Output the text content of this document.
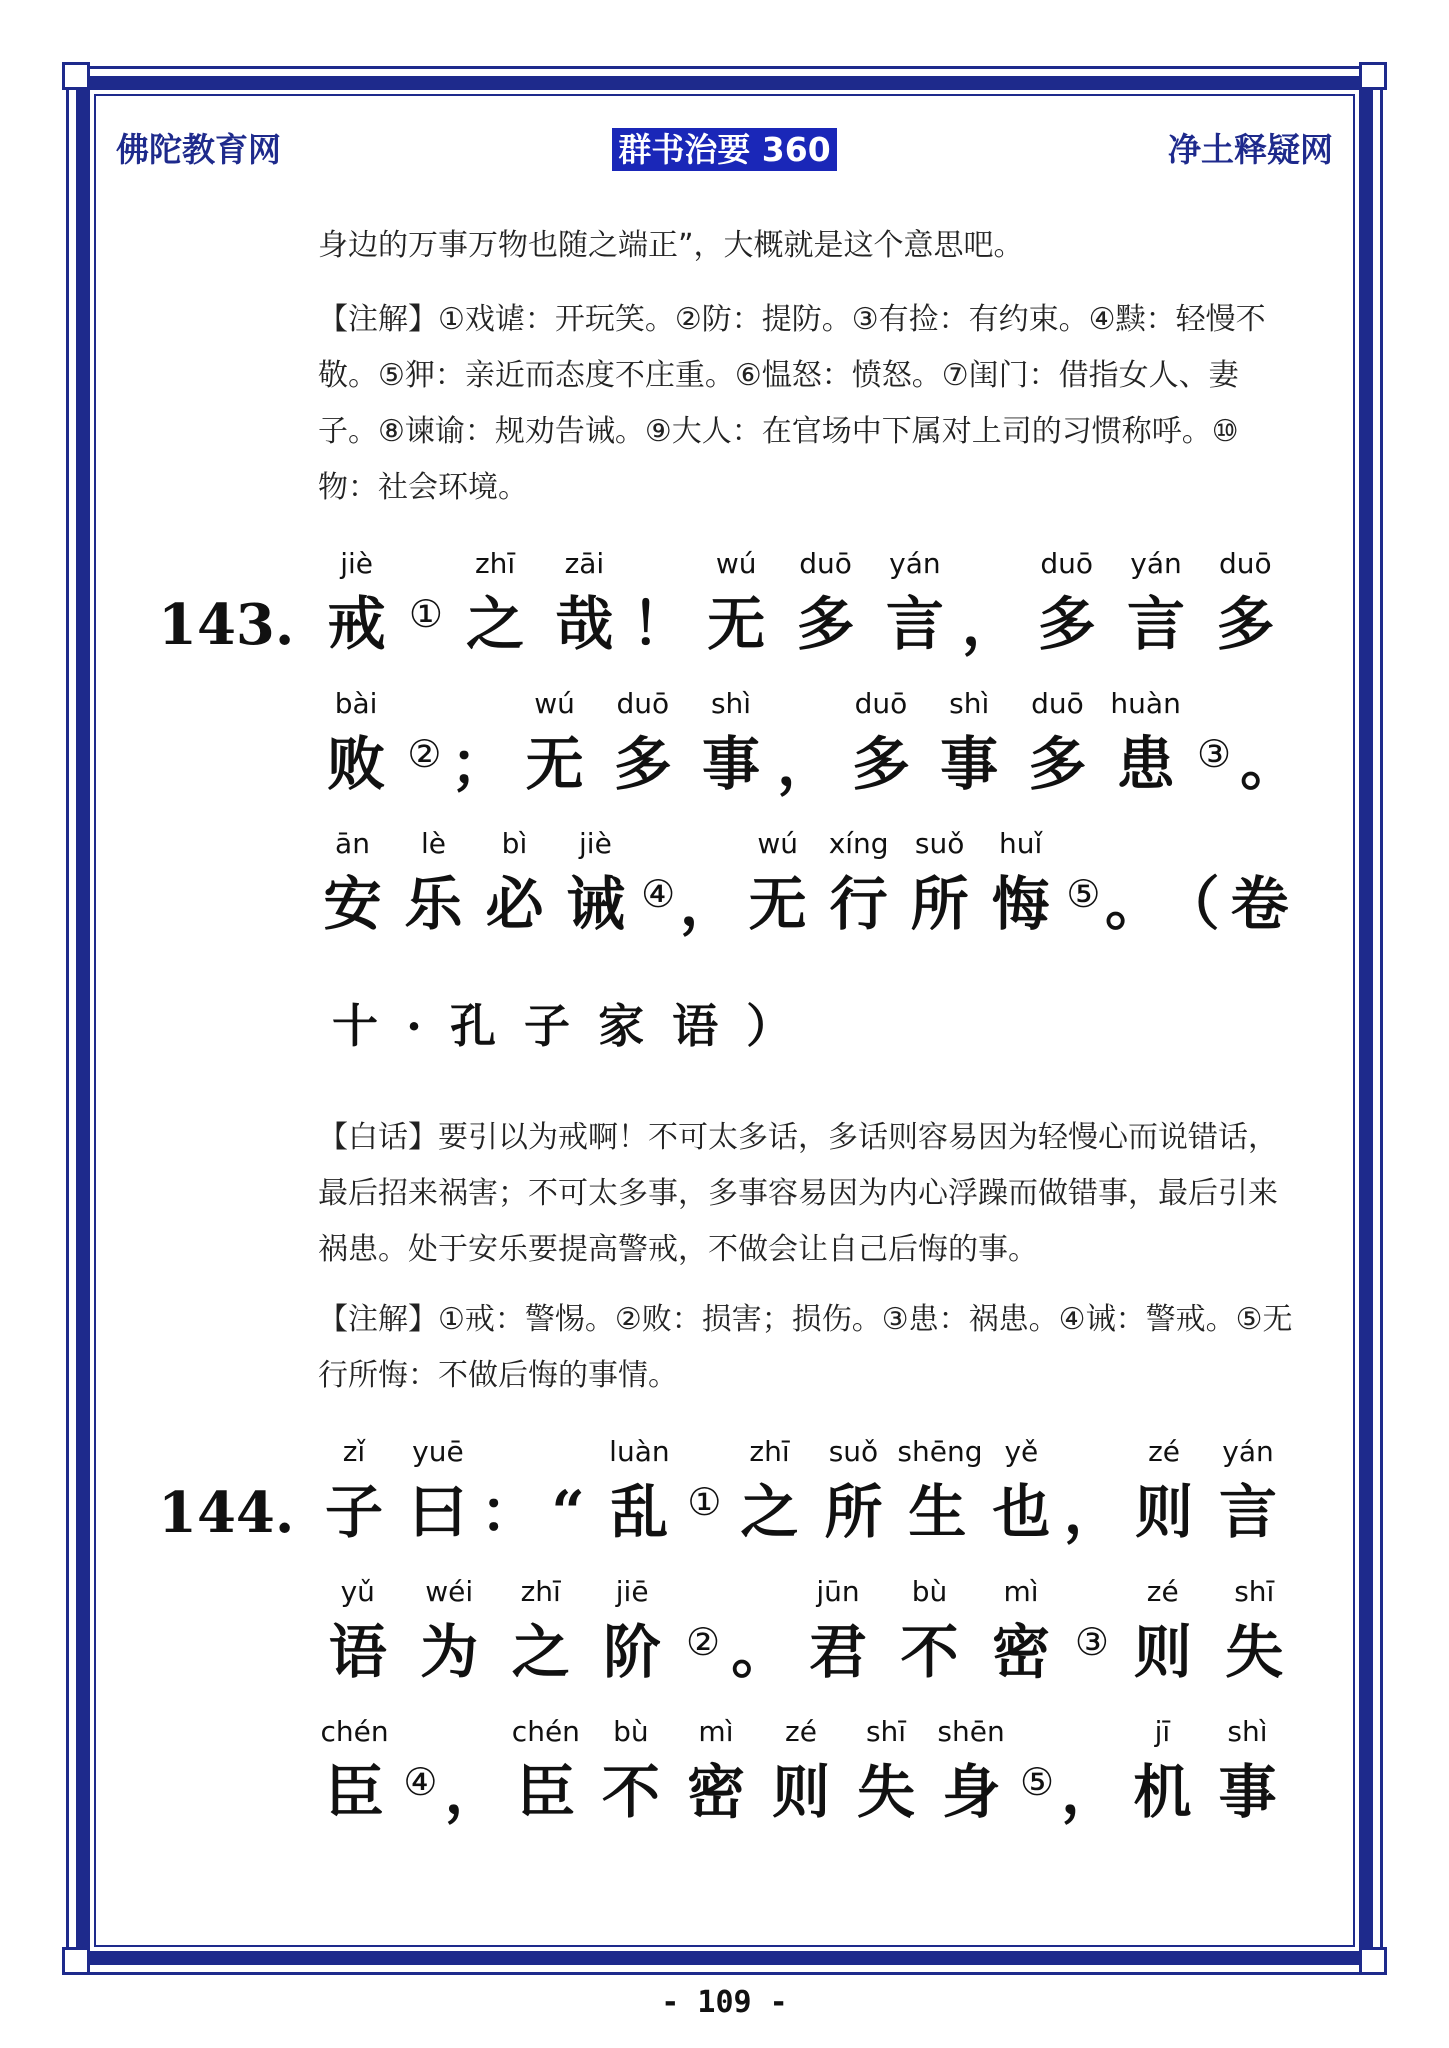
佛陀教育网	群书治要 360	净土释疑网
身边的万事万物也随之端正”，大概就是这个意思吧。
【注解】①戏谑：开玩笑。②防：提防。③有捡：有约束。④黩：轻慢不敬。⑤狎：亲近而态度不庄重。⑥愠怒：愤怒。⑦闺门：借指女人、妻子。⑧谏谕：规劝告诫。⑨大人：在官场中下属对上司的习惯称呼。⑩物：社会环境。
143.
jiè
戒 ①
zhī
之
zāi
哉 ！
wú
无
duō
多
yán
言 ，
duō
多
yán
言
duō
多
bài
败 ② ；
wú
无
duō
多
shì
事 ，
duō
多
shì
事
duō
多
huàn
患 ③ 。
ān
安
lè
乐
bì
必
jiè
诫 ④ ，
wú
无
xíng
行
suǒ
所
huǐ
悔 ⑤ 。
（ 卷
十 · 孔 子 家 语 ）
【白话】要引以为戒啊！不可太多话，多话则容易因为轻慢心而说错话，最后招来祸害；不可太多事，多事容易因为内心浮躁而做错事，最后引来祸患。处于安乐要提高警戒，不做会让自己后悔的事。
【注解】①戒：警惕。②败：损害；损伤。③患：祸患。④诫：警戒。⑤无行所悔：不做后悔的事情。
144.
zǐ
子
yuē
曰 ： “
luàn
乱 ①
zhī
之
suǒ
所
shēng
生
yě
也 ，
zé
则
yán
言
yǔ
语
wéi
为
zhī
之
jiē
阶 ② 。
jūn
君
bù
不
mì
密 ③
zé
则
shī
失
chén
臣 ④ ，
chén
臣
bù
不
mì
密
zé
则
shī
失
shēn
身 ⑤ ，
jī
机
shì
事
- 109 -
